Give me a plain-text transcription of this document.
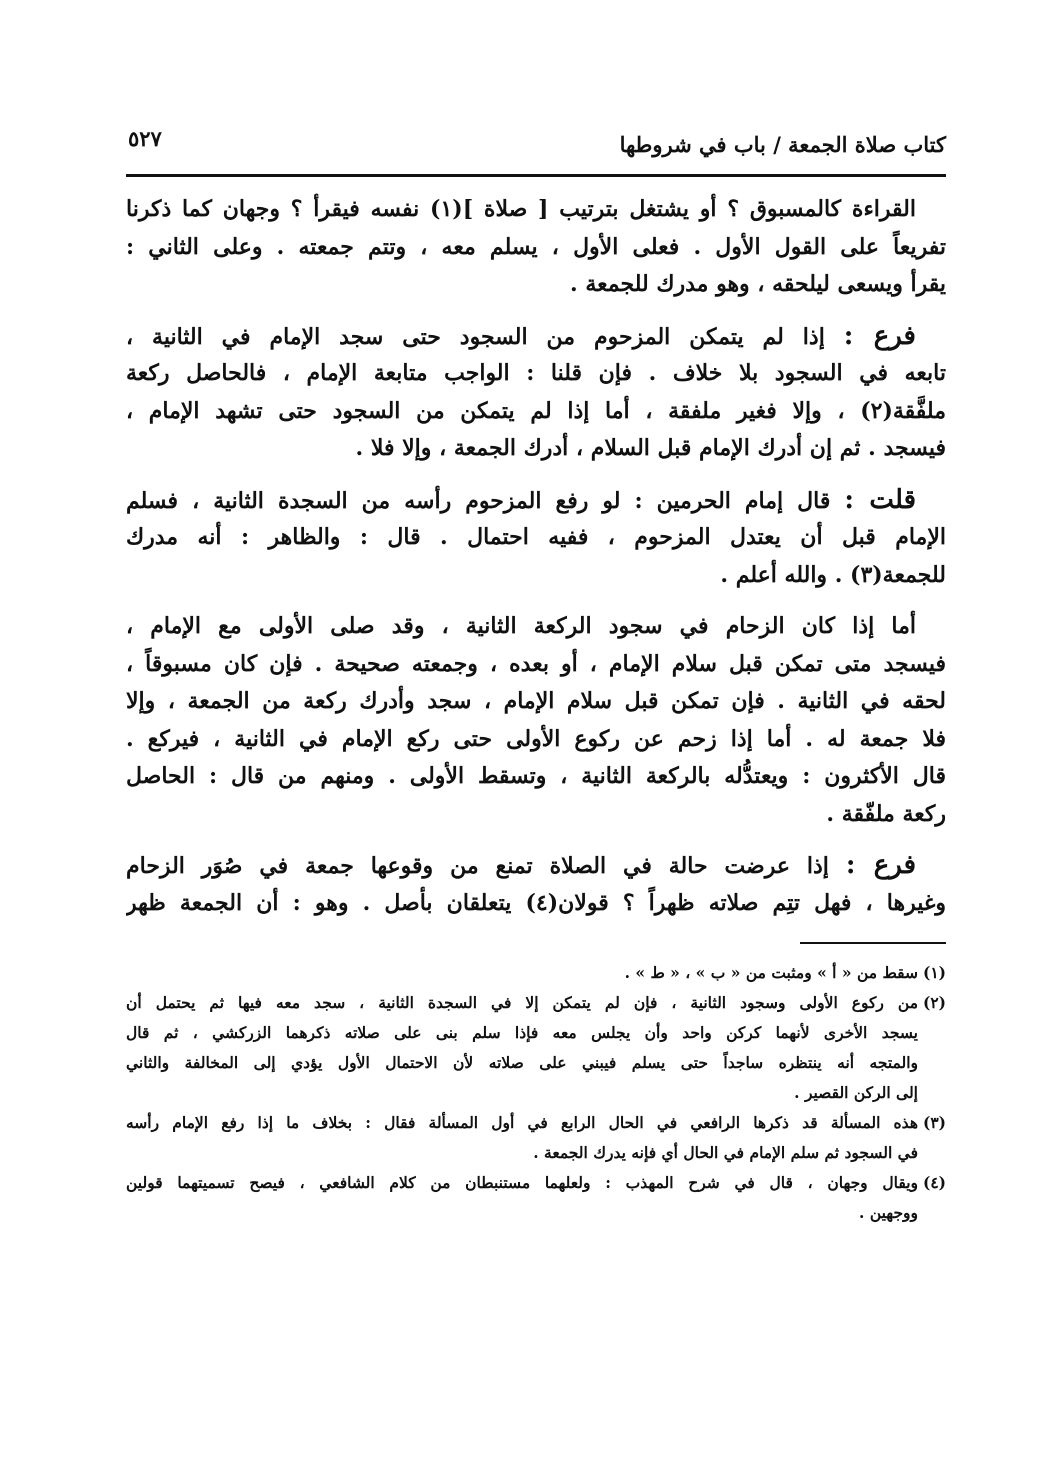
كتاب صلاة الجمعة / باب في شروطها
٥٢٧
القراءة كالمسبوق ؟ أو يشتغل بترتيب [ صلاة ](١) نفسه فيقرأ ؟ وجهان كما ذكرنا
تفريعاً على القول الأول . فعلى الأول ، يسلم معه ، وتتم جمعته . وعلى الثاني :
يقرأ ويسعى ليلحقه ، وهو مدرك للجمعة .
فرع : إذا لم يتمكن المزحوم من السجود حتى سجد الإمام في الثانية ،
تابعه في السجود بلا خلاف . فإن قلنا : الواجب متابعة الإمام ، فالحاصل ركعة
ملفَّقة(٢) ، وإلا فغير ملفقة ، أما إذا لم يتمكن من السجود حتى تشهد الإمام ،
فيسجد . ثم إن أدرك الإمام قبل السلام ، أدرك الجمعة ، وإلا فلا .
قلت : قال إمام الحرمين : لو رفع المزحوم رأسه من السجدة الثانية ، فسلم
الإمام قبل أن يعتدل المزحوم ، ففيه احتمال . قال : والظاهر : أنه مدرك
للجمعة(٣) . والله أعلم .
أما إذا كان الزحام في سجود الركعة الثانية ، وقد صلى الأولى مع الإمام ،
فيسجد متى تمكن قبل سلام الإمام ، أو بعده ، وجمعته صحيحة . فإن كان مسبوقاً ،
لحقه في الثانية . فإن تمكن قبل سلام الإمام ، سجد وأدرك ركعة من الجمعة ، وإلا
فلا جمعة له . أما إذا زحم عن ركوع الأولى حتى ركع الإمام في الثانية ، فيركع .
قال الأكثرون : ويعتدُّله بالركعة الثانية ، وتسقط الأولى . ومنهم من قال : الحاصل
ركعة ملفّقة .
فرع : إذا عرضت حالة في الصلاة تمنع من وقوعها جمعة في صُوَر الزحام
وغيرها ، فهل تتِم صلاته ظهراً ؟ قولان(٤) يتعلقان بأصل . وهو : أن الجمعة ظهر
(١)
سقط من « أ » ومثبت من « ب » ، « ط » .
(٢)
من ركوع الأولى وسجود الثانية ، فإن لم يتمكن إلا في السجدة الثانية ، سجد معه فيها ثم يحتمل أن
يسجد الأخرى لأنهما كركن واحد وأن يجلس معه فإذا سلم بنى على صلاته ذكرهما الزركشي ، ثم قال
والمتجه أنه ينتظره ساجداً حتى يسلم فيبني على صلاته لأن الاحتمال الأول يؤدي إلى المخالفة والثاني
إلى الركن القصير .
(٣)
هذه المسألة قد ذكرها الرافعي في الحال الرابع في أول المسألة فقال : بخلاف ما إذا رفع الإمام رأسه
في السجود ثم سلم الإمام في الحال أي فإنه يدرك الجمعة .
(٤)
ويقال وجهان ، قال في شرح المهذب : ولعلهما مستنبطان من كلام الشافعي ، فيصح تسميتهما قولين
ووجهين .
